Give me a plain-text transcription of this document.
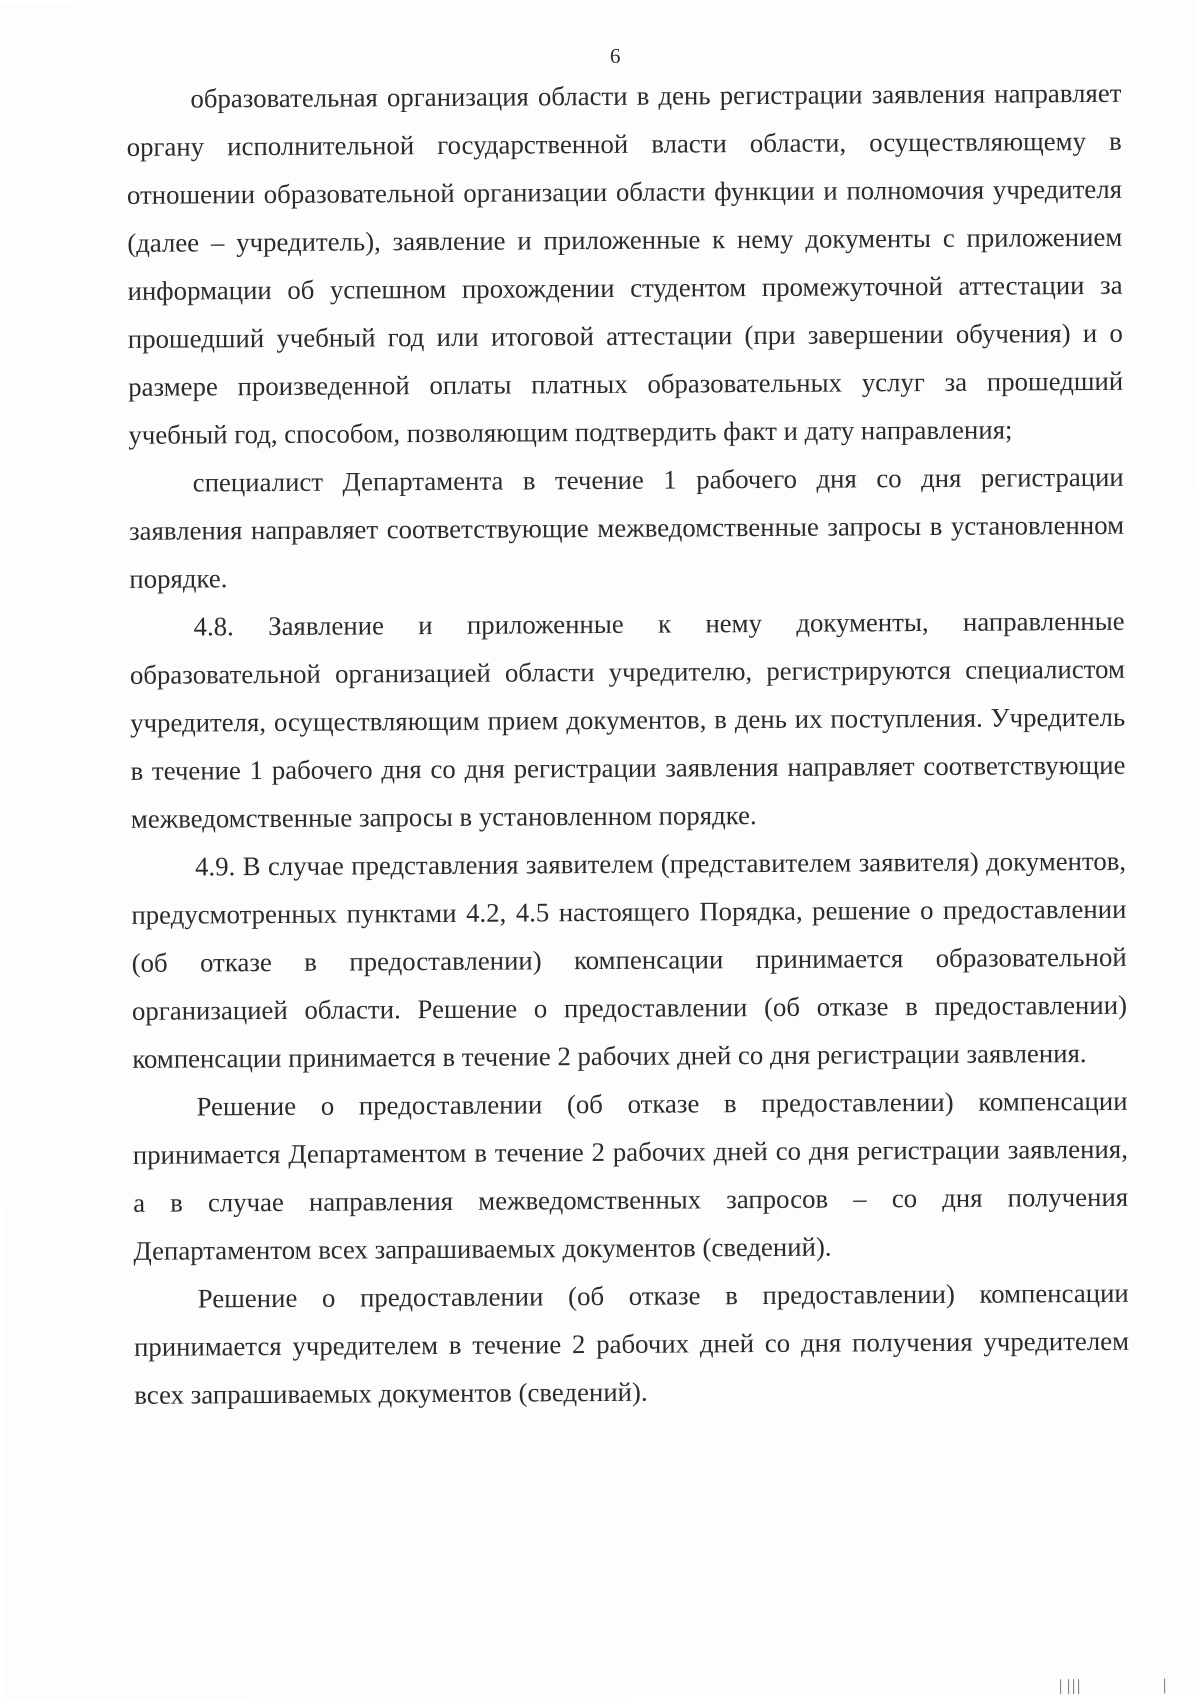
6

образовательная организация области в день регистрации заявления направляет органу исполнительной государственной власти области, осуществляющему в отношении образовательной организации области функции и полномочия учредителя (далее – учредитель), заявление и приложенные к нему документы с приложением информации об успешном прохождении студентом промежуточной аттестации за прошедший учебный год или итоговой аттестации (при завершении обучения) и о размере произведенной оплаты платных образовательных услуг за прошедший учебный год, способом, позволяющим подтвердить факт и дату направления;

специалист Департамента в течение 1 рабочего дня со дня регистрации заявления направляет соответствующие межведомственные запросы в установленном порядке.

4.8. Заявление и приложенные к нему документы, направленные образовательной организацией области учредителю, регистрируются специалистом учредителя, осуществляющим прием документов, в день их поступления. Учредитель в течение 1 рабочего дня со дня регистрации заявления направляет соответствующие межведомственные запросы в установленном порядке.

4.9. В случае представления заявителем (представителем заявителя) документов, предусмотренных пунктами 4.2, 4.5 настоящего Порядка, решение о предоставлении (об отказе в предоставлении) компенсации принимается образовательной организацией области. Решение о предоставлении (об отказе в предоставлении) компенсации принимается в течение 2 рабочих дней со дня регистрации заявления.

Решение о предоставлении (об отказе в предоставлении) компенсации принимается Департаментом в течение 2 рабочих дней со дня регистрации заявления, а в случае направления межведомственных запросов – со дня получения Департаментом всех запрашиваемых документов (сведений).

Решение о предоставлении (об отказе в предоставлении) компенсации принимается учредителем в течение 2 рабочих дней со дня получения учредителем всех запрашиваемых документов (сведений).
